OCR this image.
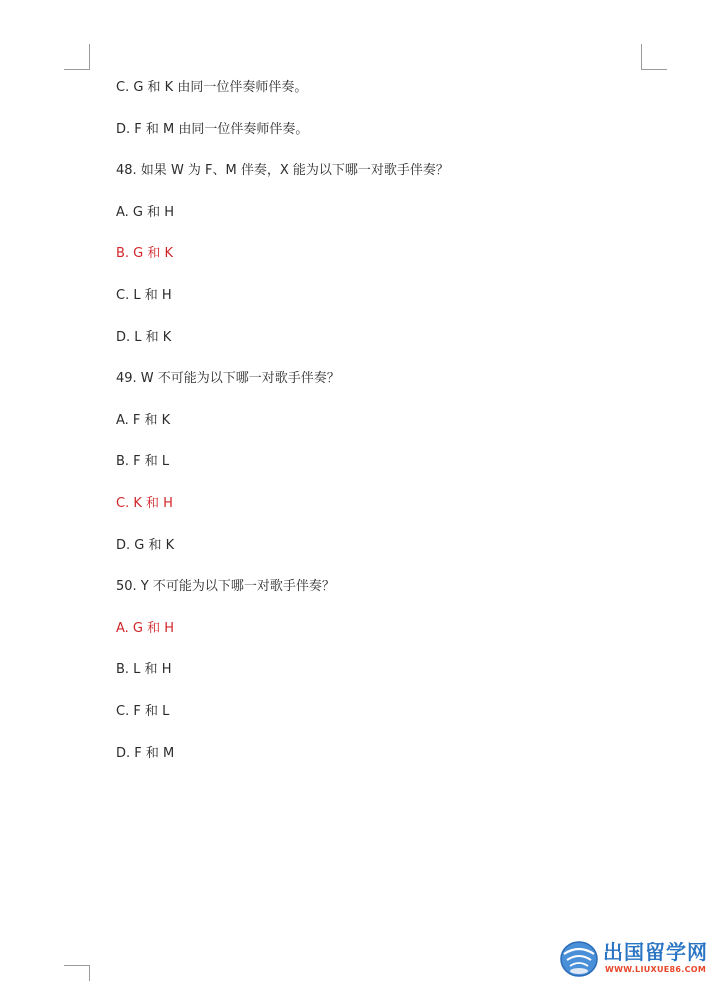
C. G 和 K 由同一位伴奏师伴奏。
D. F 和 M 由同一位伴奏师伴奏。
48. 如果 W 为 F、M 伴奏，X 能为以下哪一对歌手伴奏？
A. G 和 H
B. G 和 K
C. L 和 H
D. L 和 K
49. W 不可能为以下哪一对歌手伴奏？
A. F 和 K
B. F 和 L
C. K 和 H
D. G 和 K
50. Y 不可能为以下哪一对歌手伴奏？
A. G 和 H
B. L 和 H
C. F 和 L
D. F 和 M
出国留学网
WWW.LIUXUE86.COM
